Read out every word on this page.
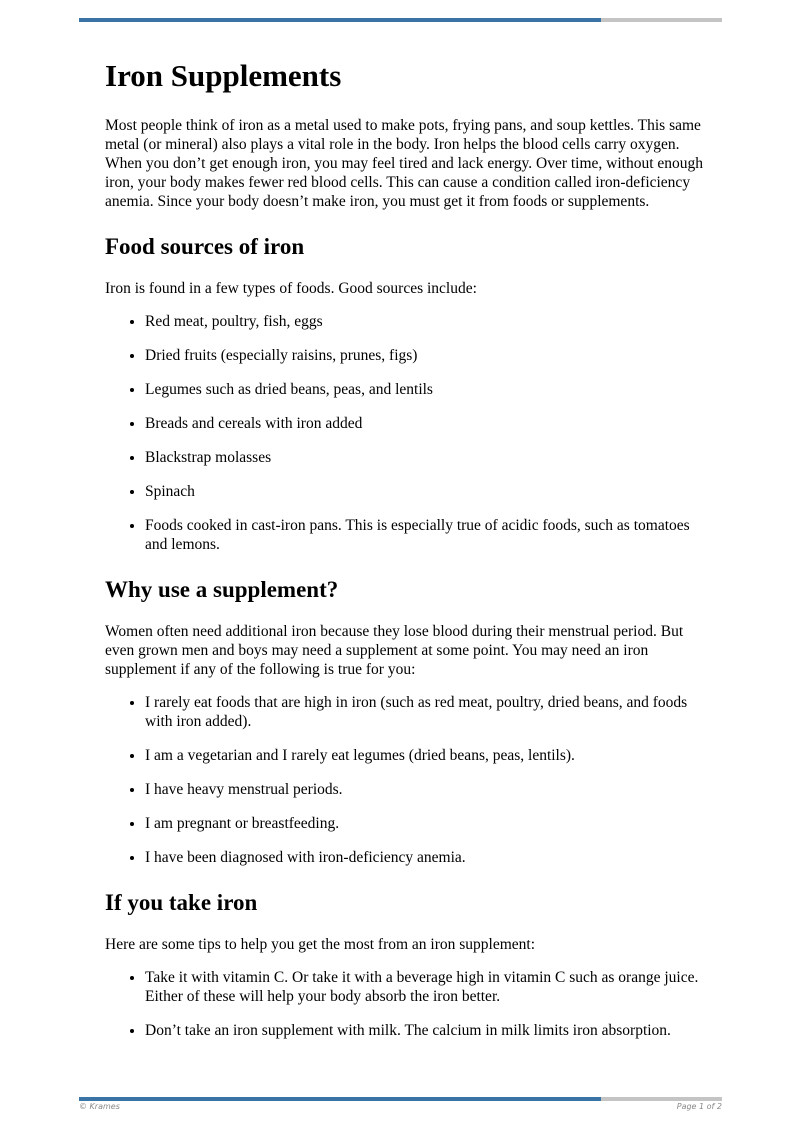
Iron Supplements

Most people think of iron as a metal used to make pots, frying pans, and soup kettles. This same metal (or mineral) also plays a vital role in the body. Iron helps the blood cells carry oxygen. When you don’t get enough iron, you may feel tired and lack energy. Over time, without enough iron, your body makes fewer red blood cells. This can cause a condition called iron-deficiency anemia. Since your body doesn’t make iron, you must get it from foods or supplements.

Food sources of iron

Iron is found in a few types of foods. Good sources include:

• Red meat, poultry, fish, eggs
• Dried fruits (especially raisins, prunes, figs)
• Legumes such as dried beans, peas, and lentils
• Breads and cereals with iron added
• Blackstrap molasses
• Spinach
• Foods cooked in cast-iron pans. This is especially true of acidic foods, such as tomatoes and lemons.
Why use a supplement?

Women often need additional iron because they lose blood during their menstrual period. But even grown men and boys may need a supplement at some point. You may need an iron supplement if any of the following is true for you:

• I rarely eat foods that are high in iron (such as red meat, poultry, dried beans, and foods with iron added).
• I am a vegetarian and I rarely eat legumes (dried beans, peas, lentils).
• I have heavy menstrual periods.
• I am pregnant or breastfeeding.
• I have been diagnosed with iron-deficiency anemia.
If you take iron

Here are some tips to help you get the most from an iron supplement:

• Take it with vitamin C. Or take it with a beverage high in vitamin C such as orange juice. Either of these will help your body absorb the iron better.
• Don’t take an iron supplement with milk. The calcium in milk limits iron absorption.
© Krames	Page 1 of 2
